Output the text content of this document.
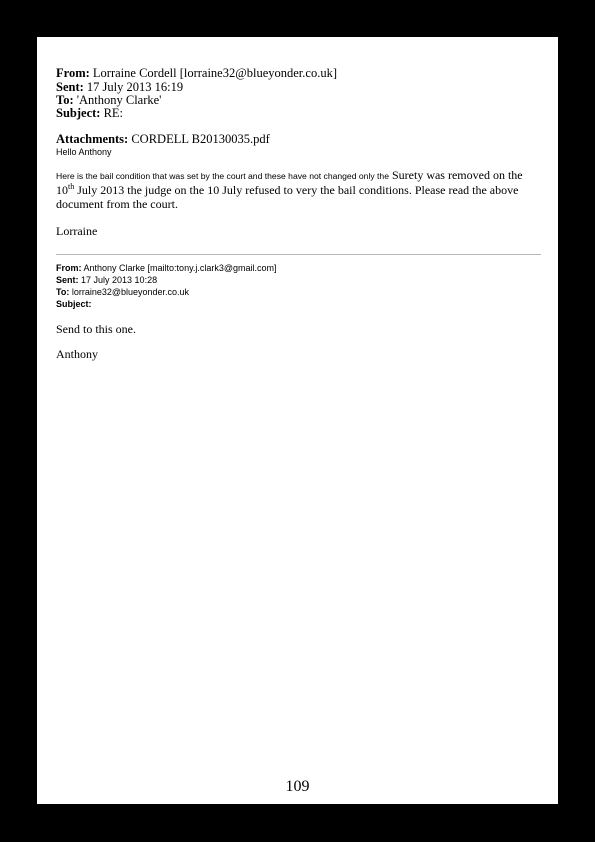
From: Lorraine Cordell [lorraine32@blueyonder.co.uk]
Sent: 17 July 2013 16:19
To: 'Anthony Clarke'
Subject: RE:
Attachments: CORDELL B20130035.pdf
Hello Anthony
Here is the bail condition that was set by the court and these have not changed only the Surety was removed on the 10th July 2013 the judge on the 10 July refused to very the bail conditions. Please read the above document from the court.
Lorraine
From: Anthony Clarke [mailto:tony.j.clark3@gmail.com]
Sent: 17 July 2013 10:28
To: lorraine32@blueyonder.co.uk
Subject:
Send to this one.
Anthony
109
